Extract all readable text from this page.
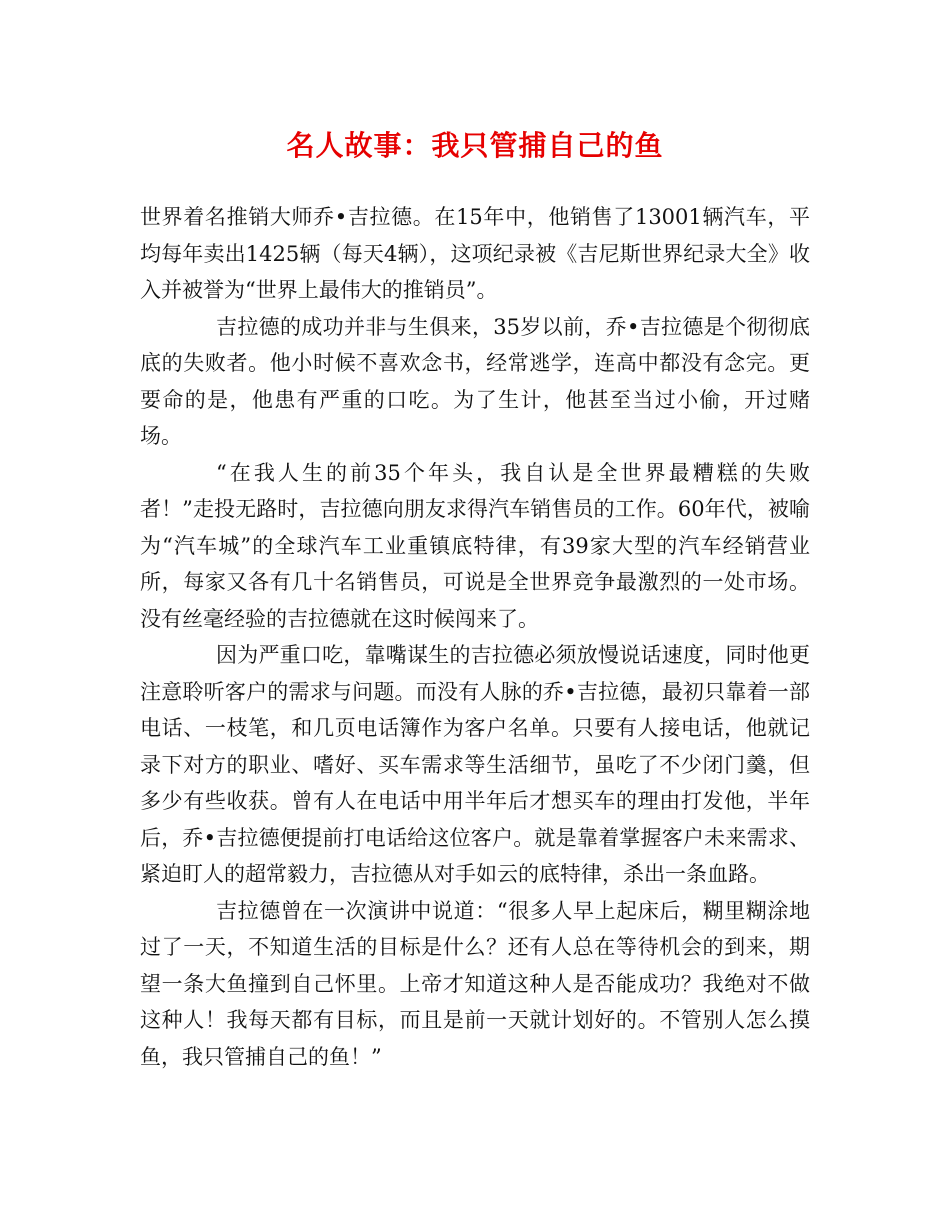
名人故事：我只管捕自己的鱼

世界着名推销大师乔•吉拉德。在15年中，他销售了13001辆汽车，平均每年卖出1425辆（每天4辆），这项纪录被《吉尼斯世界纪录大全》收入并被誉为“世界上最伟大的推销员”。

吉拉德的成功并非与生俱来，35岁以前，乔•吉拉德是个彻彻底底的失败者。他小时候不喜欢念书，经常逃学，连高中都没有念完。更要命的是，他患有严重的口吃。为了生计，他甚至当过小偷，开过赌场。

“在我人生的前35个年头，我自认是全世界最糟糕的失败者！”走投无路时，吉拉德向朋友求得汽车销售员的工作。60年代，被喻为“汽车城”的全球汽车工业重镇底特律，有39家大型的汽车经销营业所，每家又各有几十名销售员，可说是全世界竞争最激烈的一处市场。没有丝毫经验的吉拉德就在这时候闯来了。

因为严重口吃，靠嘴谋生的吉拉德必须放慢说话速度，同时他更注意聆听客户的需求与问题。而没有人脉的乔•吉拉德，最初只靠着一部电话、一枝笔，和几页电话簿作为客户名单。只要有人接电话，他就记录下对方的职业、嗜好、买车需求等生活细节，虽吃了不少闭门羹，但多少有些收获。曾有人在电话中用半年后才想买车的理由打发他，半年后，乔•吉拉德便提前打电话给这位客户。就是靠着掌握客户未来需求、紧迫盯人的超常毅力，吉拉德从对手如云的底特律，杀出一条血路。

吉拉德曾在一次演讲中说道：“很多人早上起床后，糊里糊涂地过了一天，不知道生活的目标是什么？还有人总在等待机会的到来，期望一条大鱼撞到自己怀里。上帝才知道这种人是否能成功？我绝对不做这种人！我每天都有目标，而且是前一天就计划好的。不管别人怎么摸鱼，我只管捕自己的鱼！”
